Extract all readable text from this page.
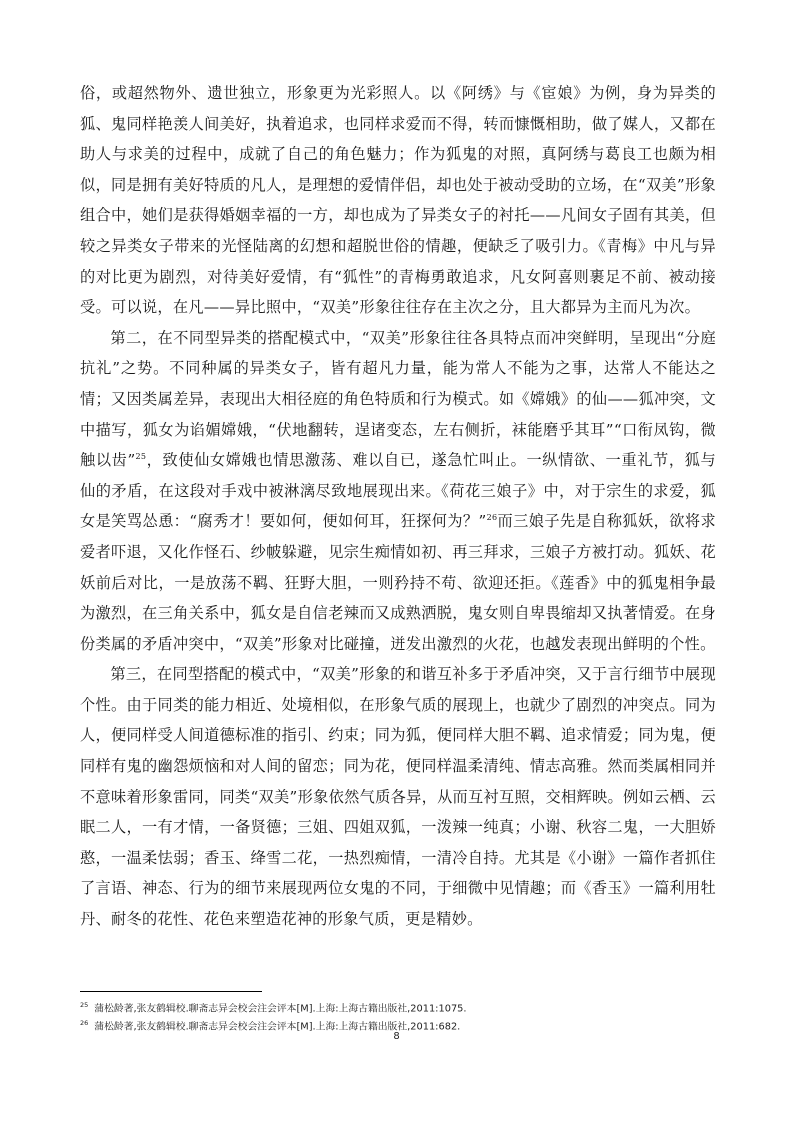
俗，或超然物外、遗世独立，形象更为光彩照人。以《阿绣》与《宦娘》为例，身为异类的狐、鬼同样艳羡人间美好，执着追求，也同样求爱而不得，转而慷慨相助，做了媒人，又都在助人与求美的过程中，成就了自己的角色魅力；作为狐鬼的对照，真阿绣与葛良工也颇为相似，同是拥有美好特质的凡人，是理想的爱情伴侣，却也处于被动受助的立场，在“双美”形象组合中，她们是获得婚姻幸福的一方，却也成为了异类女子的衬托——凡间女子固有其美，但较之异类女子带来的光怪陆离的幻想和超脱世俗的情趣，便缺乏了吸引力。《青梅》中凡与异的对比更为剧烈，对待美好爱情，有“狐性”的青梅勇敢追求，凡女阿喜则裹足不前、被动接受。可以说，在凡——异比照中，“双美”形象往往存在主次之分，且大都异为主而凡为次。

第二，在不同型异类的搭配模式中，“双美”形象往往各具特点而冲突鲜明，呈现出“分庭抗礼”之势。不同种属的异类女子，皆有超凡力量，能为常人不能为之事，达常人不能达之情；又因类属差异，表现出大相径庭的角色特质和行为模式。如《嫦娥》的仙——狐冲突，文中描写，狐女为谄媚嫦娥，“伏地翻转，逞诸变态，左右侧折，袜能磨乎其耳”“口衔凤钩，微触以齿”$^{25}$，致使仙女嫦娥也情思激荡、难以自已，遂急忙叫止。一纵情欲、一重礼节，狐与仙的矛盾，在这段对手戏中被淋漓尽致地展现出来。《荷花三娘子》中，对于宗生的求爱，狐女是笑骂怂恿：“腐秀才！要如何，便如何耳，狂探何为？”$^{26}$而三娘子先是自称狐妖，欲将求爱者吓退，又化作怪石、纱帔躲避，见宗生痴情如初、再三拜求，三娘子方被打动。狐妖、花妖前后对比，一是放荡不羁、狂野大胆，一则矜持不苟、欲迎还拒。《莲香》中的狐鬼相争最为激烈，在三角关系中，狐女是自信老辣而又成熟洒脱，鬼女则自卑畏缩却又执著情爱。在身份类属的矛盾冲突中，“双美”形象对比碰撞，迸发出激烈的火花，也越发表现出鲜明的个性。

第三，在同型搭配的模式中，“双美”形象的和谐互补多于矛盾冲突，又于言行细节中展现个性。由于同类的能力相近、处境相似，在形象气质的展现上，也就少了剧烈的冲突点。同为人，便同样受人间道德标准的指引、约束；同为狐，便同样大胆不羁、追求情爱；同为鬼，便同样有鬼的幽怨烦恼和对人间的留恋；同为花，便同样温柔清纯、情志高雅。然而类属相同并不意味着形象雷同，同类“双美”形象依然气质各异，从而互衬互照，交相辉映。例如云栖、云眠二人，一有才情，一备贤德；三姐、四姐双狐，一泼辣一纯真；小谢、秋容二鬼，一大胆娇憨，一温柔怯弱；香玉、绛雪二花，一热烈痴情，一清冷自持。尤其是《小谢》一篇作者抓住了言语、神态、行为的细节来展现两位女鬼的不同，于细微中见情趣；而《香玉》一篇利用牡丹、耐冬的花性、花色来塑造花神的形象气质，更是精妙。

$^{25}$ 蒲松龄著,张友鹤辑校.聊斋志异会校会注会评本[M].上海:上海古籍出版社,2011:1075.

$^{26}$ 蒲松龄著,张友鹤辑校.聊斋志异会校会注会评本[M].上海:上海古籍出版社,2011:682.

8
